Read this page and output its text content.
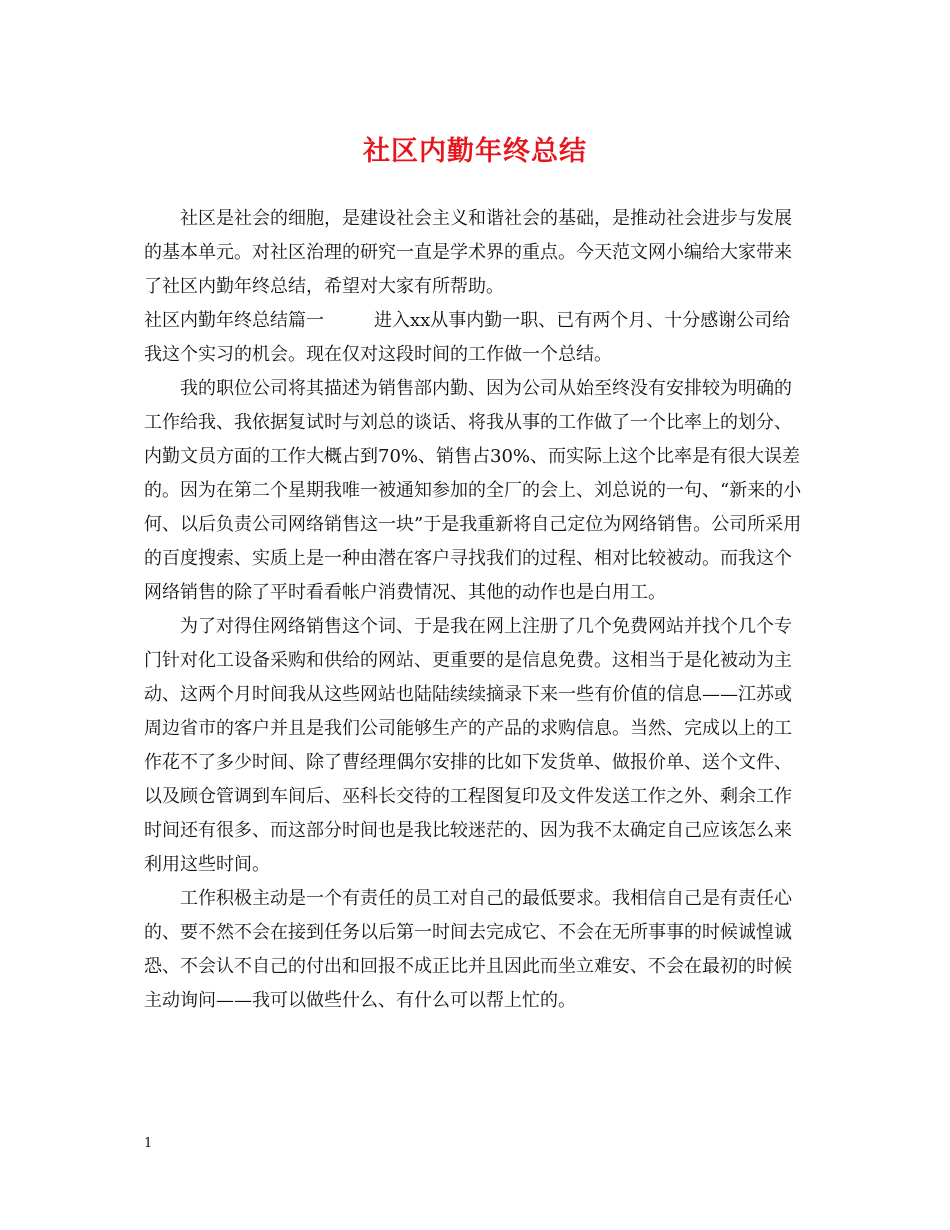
社区内勤年终总结

社区是社会的细胞，是建设社会主义和谐社会的基础，是推动社会进步与发展的基本单元。对社区治理的研究一直是学术界的重点。今天范文网小编给大家带来了社区内勤年终总结，希望对大家有所帮助。

社区内勤年终总结篇一	进入xx从事内勤一职、已有两个月、十分感谢公司给我这个实习的机会。现在仅对这段时间的工作做一个总结。

我的职位公司将其描述为销售部内勤、因为公司从始至终没有安排较为明确的工作给我、我依据复试时与刘总的谈话、将我从事的工作做了一个比率上的划分、内勤文员方面的工作大概占到70%、销售占30%、而实际上这个比率是有很大误差的。因为在第二个星期我唯一被通知参加的全厂的会上、刘总说的一句、“新来的小何、以后负责公司网络销售这一块”于是我重新将自己定位为网络销售。公司所采用的百度搜索、实质上是一种由潜在客户寻找我们的过程、相对比较被动。而我这个网络销售的除了平时看看帐户消费情况、其他的动作也是白用工。

为了对得住网络销售这个词、于是我在网上注册了几个免费网站并找个几个专门针对化工设备采购和供给的网站、更重要的是信息免费。这相当于是化被动为主动、这两个月时间我从这些网站也陆陆续续摘录下来一些有价值的信息——江苏或周边省市的客户并且是我们公司能够生产的产品的求购信息。当然、完成以上的工作花不了多少时间、除了曹经理偶尔安排的比如下发货单、做报价单、送个文件、以及顾仓管调到车间后、巫科长交待的工程图复印及文件发送工作之外、剩余工作时间还有很多、而这部分时间也是我比较迷茫的、因为我不太确定自己应该怎么来利用这些时间。

工作积极主动是一个有责任的员工对自己的最低要求。我相信自己是有责任心的、要不然不会在接到任务以后第一时间去完成它、不会在无所事事的时候诚惶诚恐、不会认不自己的付出和回报不成正比并且因此而坐立难安、不会在最初的时候主动询问——我可以做些什么、有什么可以帮上忙的。

1
